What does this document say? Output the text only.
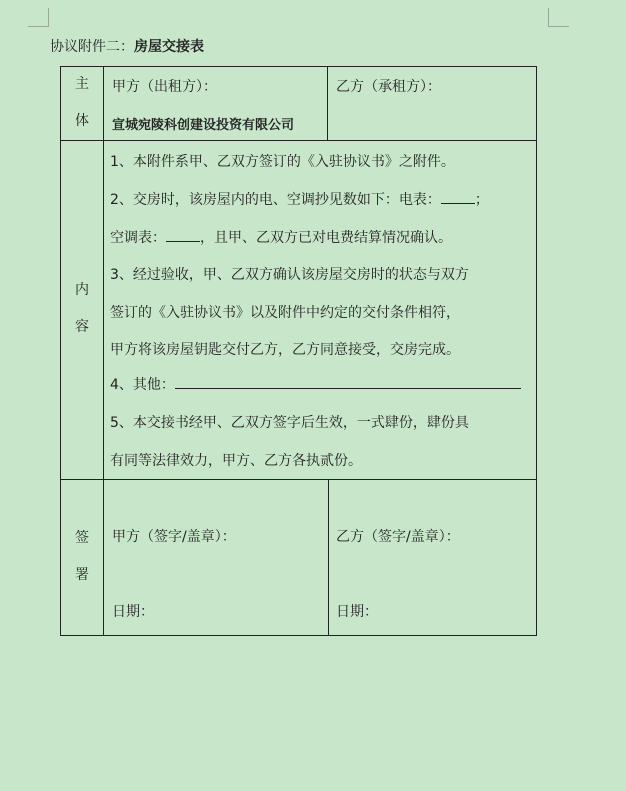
协议附件二：房屋交接表
主
体
甲方（出租方）：
宣城宛陵科创建设投资有限公司
乙方（承租方）：
内
容
1、本附件系甲、乙双方签订的《入驻协议书》之附件。
2、交房时，该房屋内的电、空调抄见数如下：电表： ；
空调表： ，且甲、乙双方已对电费结算情况确认。
3、经过验收，甲、乙双方确认该房屋交房时的状态与双方
签订的《入驻协议书》以及附件中约定的交付条件相符，
甲方将该房屋钥匙交付乙方，乙方同意接受，交房完成。
4、其他：
5、本交接书经甲、乙双方签字后生效，一式肆份，肆份具
有同等法律效力，甲方、乙方各执贰份。
签
署
甲方（签字/盖章）：	乙方（签字/盖章）：
日期：	日期：
